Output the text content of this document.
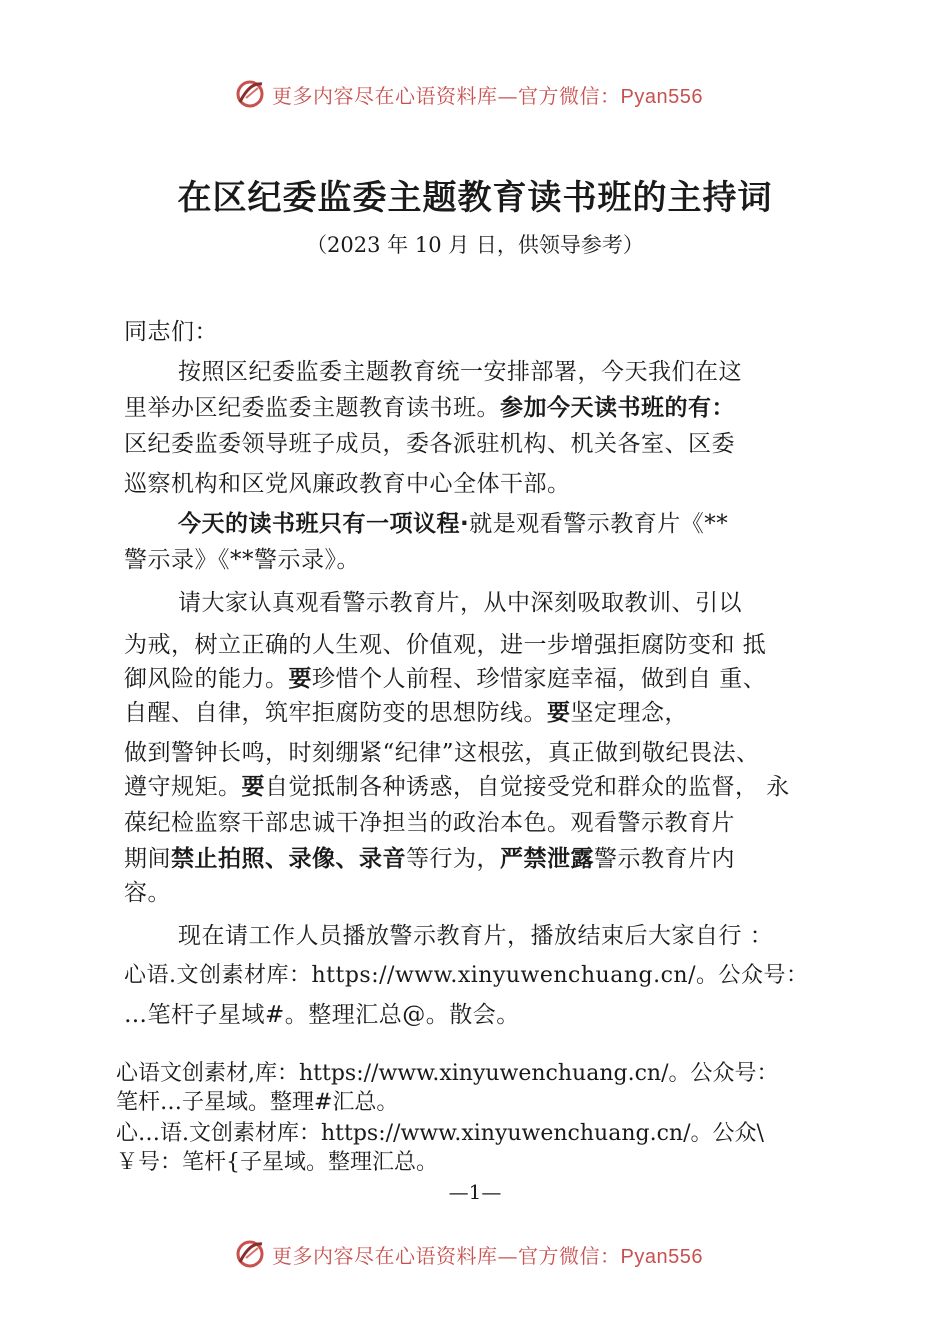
更多内容尽在心语资料库—官方微信：Pyan556
在区纪委监委主题教育读书班的主持词
（2023 年 10 月 日，供领导参考）
同志们：
按照区纪委监委主题教育统一安排部署，今天我们在这
里举办区纪委监委主题教育读书班。参加今天读书班的有：
区纪委监委领导班子成员，委各派驻机构、机关各室、区委
巡察机构和区党风廉政教育中心全体干部。
今天的读书班只有一项议程·就是观看警示教育片《**
警示录》《**警示录》。
请大家认真观看警示教育片，从中深刻吸取教训、引以
为戒，树立正确的人生观、价值观，进一步增强拒腐防变和 抵
御风险的能力。要珍惜个人前程、珍惜家庭幸福，做到自 重、
自醒、自律，筑牢拒腐防变的思想防线。要坚定理念，
做到警钟长鸣，时刻绷紧“纪律”这根弦，真正做到敬纪畏法、
遵守规矩。要自觉抵制各种诱惑，自觉接受党和群众的监督， 永
葆纪检监察干部忠诚干净担当的政治本色。观看警示教育片
期间禁止拍照、录像、录音等行为，严禁泄露警示教育片内
容。
现在请工作人员播放警示教育片，播放结束后大家自行 ：
心语.文创素材库：https://www.xinyuwenchuang.cn/。公众号：
…笔杆子星域#。整理汇总@。散会。
心语文创素材,库：https://www.xinyuwenchuang.cn/。公众号：
笔杆…子星域。整理#汇总。
心…语.文创素材库：https://www.xinyuwenchuang.cn/。公众\
￥号：笔杆{子星域。整理汇总。
—1—
更多内容尽在心语资料库—官方微信：Pyan556
